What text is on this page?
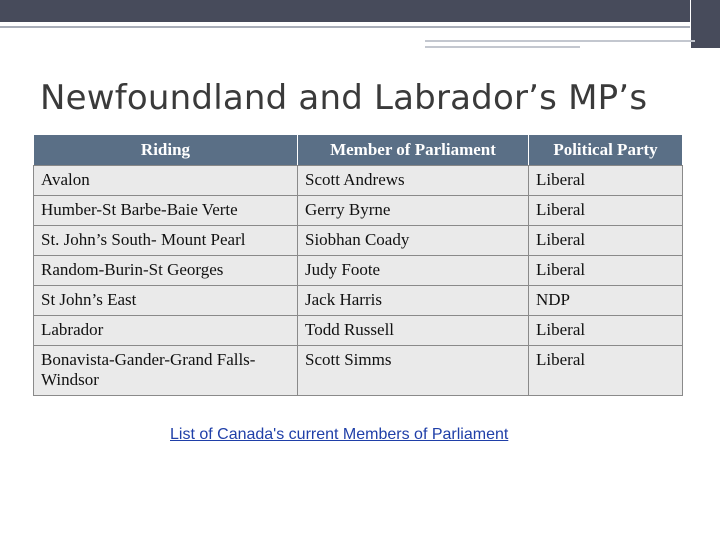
Newfoundland and Labrador’s MP’s
Riding	Member of Parliament	Political Party
Avalon	Scott Andrews	Liberal
Humber-St Barbe-Baie Verte	Gerry Byrne	Liberal
St. John’s South- Mount Pearl	Siobhan Coady	Liberal
Random-Burin-St Georges	Judy Foote	Liberal
St John’s East	Jack Harris	NDP
Labrador	Todd Russell	Liberal
Bonavista-Gander-Grand Falls-Windsor	Scott Simms	Liberal
List of Canada's current Members of Parliament
